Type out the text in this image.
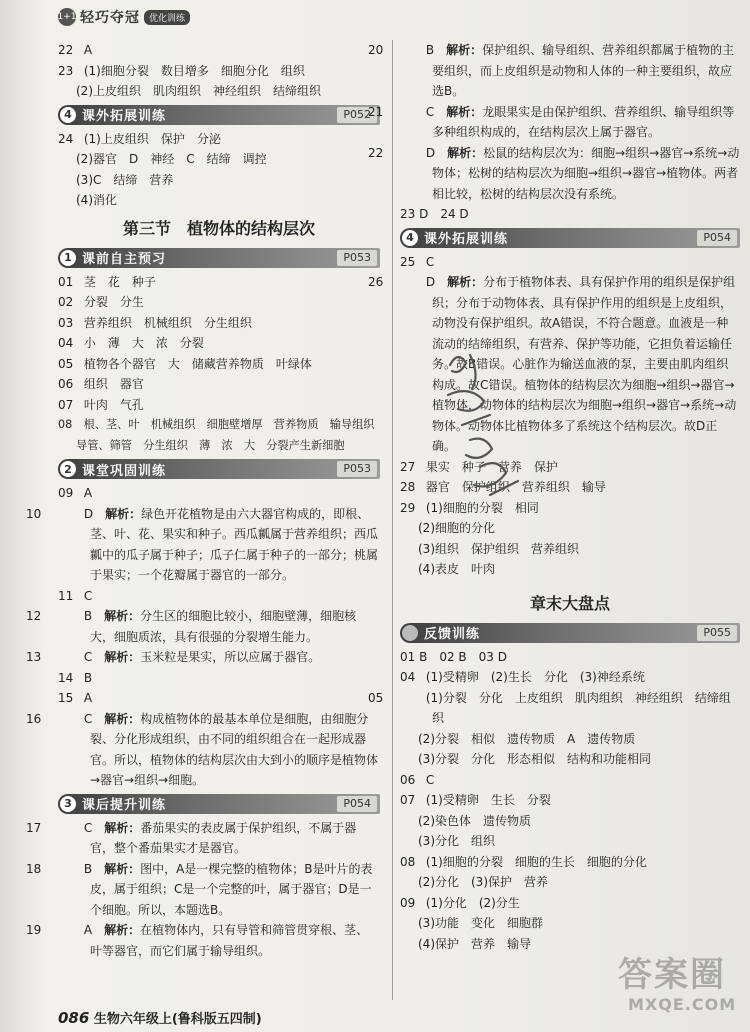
1+1 轻巧夺冠	优化训练
22 A
23 (1)细胞分裂　数目增多　细胞分化　组织
(2)上皮组织　肌肉组织　神经组织　结缔组织
4 课外拓展训练	P052
24 (1)上皮组织　保护　分泌
(2)器官　D　神经　C　结缔　调控
(3)C　结缔　营养
(4)消化
第三节　植物体的结构层次
1 课前自主预习	P053
01 茎　花　种子
02 分裂　分生
03 营养组织　机械组织　分生组织
04 小　薄　大　浓　分裂
05 植物各个器官　大　储藏营养物质　叶绿体
06 组织　器官
07 叶肉　气孔
08 根、茎、叶　机械组织　细胞壁增厚　营养物质　输导组织
导管、筛管　分生组织　薄　浓　大　分裂产生新细胞
2 课堂巩固训练	P053
09 A
10	D　 解析：绿色开花植物是由六大器官构成的，即根、茎、叶、花、果实和种子。西瓜瓤属于营养组织；西瓜瓤中的瓜子属于种子；瓜子仁属于种子的一部分；桃属于果实；一个花瓣属于器官的一部分。
11 C
12	B　 解析：分生区的细胞比较小，细胞壁薄，细胞核大，细胞质浓，具有很强的分裂增生能力。
13	C　 解析：玉米粒是果实，所以应属于器官。
14 B
15 A
16	C　 解析：构成植物体的最基本单位是细胞，由细胞分裂、分化形成组织，由不同的组织组合在一起形成器官。所以，植物体的结构层次由大到小的顺序是植物体→器官→组织→细胞。
3 课后提升训练	P054
17	C　 解析：番茄果实的表皮属于保护组织，不属于器官，整个番茄果实才是器官。
18	B　 解析：图中，A是一棵完整的植物体；B是叶片的表皮，属于组织；C是一个完整的叶，属于器官；D是一个细胞。所以，本题选B。
19	A　 解析：在植物体内，只有导管和筛管贯穿根、茎、叶等器官，而它们属于输导组织。
20	B　 解析：保护组织、输导组织、营养组织都属于植物的主要组织，而上皮组织是动物和人体的一种主要组织，故应选B。
21	C　 解析：龙眼果实是由保护组织、营养组织、输导组织等多种组织构成的，在结构层次上属于器官。
22	D　 解析：松鼠的结构层次为：细胞→组织→器官→系统→动物体；松树的结构层次为细胞→组织→器官→植物体。两者相比较，松树的结构层次没有系统。
23 D　24 D
4 课外拓展训练	P054
25 C
26	D　 解析：分布于植物体表、具有保护作用的组织是保护组织；分布于动物体表、具有保护作用的组织是上皮组织，动物没有保护组织。故A错误，不符合题意。血液是一种流动的结缔组织，有营养、保护等功能，它担负着运输任务。故B错误。心脏作为输送血液的泵，主要由肌肉组织构成。故C错误。植物体的结构层次为细胞→组织→器官→植物体，动物体的结构层次为细胞→组织→器官→系统→动物体。动物体比植物体多了系统这个结构层次。故D正确。
27 果实　种子　营养　保护
28 器官　保护组织　营养组织　输导
29 (1)细胞的分裂　相同
(2)细胞的分化
(3)组织　保护组织　营养组织
(4)表皮　叶肉
章末大盘点
反馈训练	P055
01 B　02 B　03 D
04 (1)受精卵　(2)生长　分化　(3)神经系统
05	(1)分裂　分化　上皮组织　肌肉组织　神经组织　结缔组织
(2)分裂　相似　遗传物质　A　遗传物质
(3)分裂　分化　形态相似　结构和功能相同
06 C
07 (1)受精卵　生长　分裂
(2)染色体　遗传物质
(3)分化　组织
08 (1)细胞的分裂　细胞的生长　细胞的分化
(2)分化　(3)保护　营养
09 (1)分化　(2)分生
(3)功能　变化　细胞群
(4)保护　营养　输导
答案圈
MXQE.COM
086 生物六年级上(鲁科版五四制)
